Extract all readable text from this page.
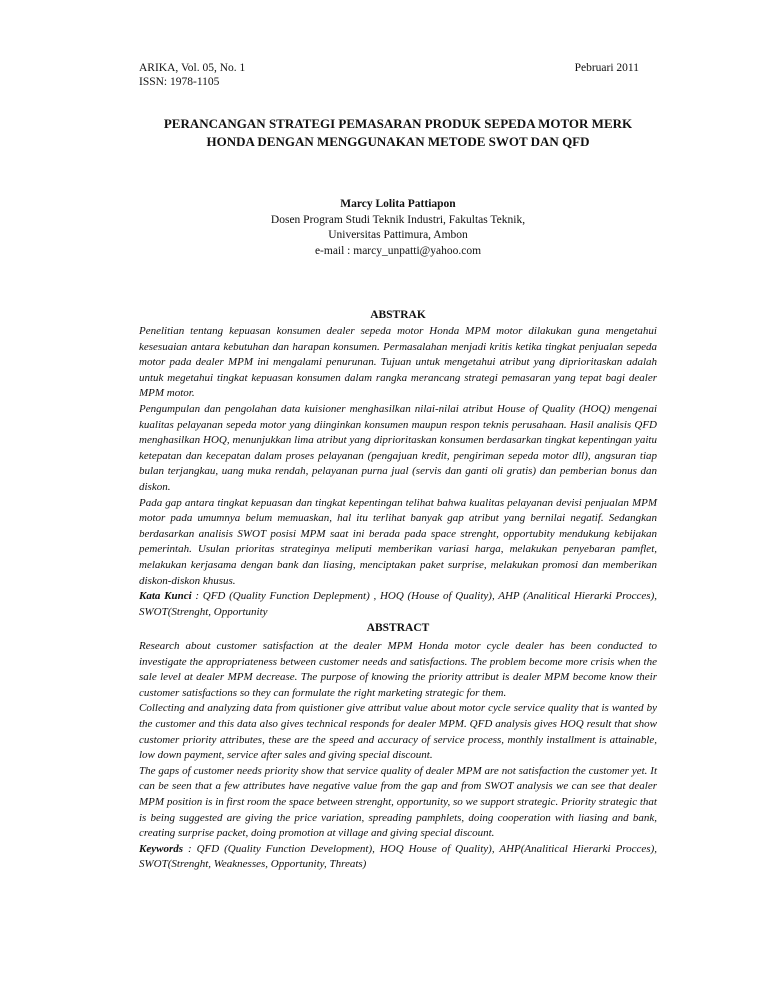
ARIKA, Vol. 05, No. 1
ISSN: 1978-1105
Pebruari 2011
PERANCANGAN STRATEGI PEMASARAN PRODUK SEPEDA MOTOR MERK
HONDA DENGAN MENGGUNAKAN METODE SWOT DAN QFD
Marcy Lolita Pattiapon
Dosen Program Studi Teknik Industri, Fakultas Teknik,
Universitas Pattimura, Ambon
e-mail : marcy_unpatti@yahoo.com
ABSTRAK

Penelitian tentang kepuasan konsumen dealer sepeda motor Honda MPM motor dilakukan guna mengetahui kesesuaian antara kebutuhan dan harapan konsumen. Permasalahan menjadi kritis ketika tingkat penjualan sepeda motor pada dealer MPM ini mengalami penurunan. Tujuan untuk mengetahui atribut yang diprioritaskan adalah untuk megetahui tingkat kepuasan konsumen dalam rangka merancang strategi pemasaran yang tepat bagi dealer MPM motor.

Pengumpulan dan pengolahan data kuisioner menghasilkan nilai-nilai atribut House of Quality (HOQ) mengenai kualitas pelayanan sepeda motor yang diinginkan konsumen maupun respon teknis perusahaan. Hasil analisis QFD menghasilkan HOQ, menunjukkan lima atribut yang diprioritaskan konsumen berdasarkan tingkat kepentingan yaitu ketepatan dan kecepatan dalam proses pelayanan (pengajuan kredit, pengiriman sepeda motor dll), angsuran tiap bulan terjangkau, uang muka rendah, pelayanan purna jual (servis dan ganti oli gratis) dan pemberian bonus dan diskon.

Pada gap antara tingkat kepuasan dan tingkat kepentingan telihat bahwa kualitas pelayanan devisi penjualan MPM motor pada umumnya belum memuaskan, hal itu terlihat banyak gap atribut yang bernilai negatif. Sedangkan berdasarkan analisis SWOT posisi MPM saat ini berada pada space strenght, opportubity mendukung kebijakan pemerintah. Usulan prioritas strateginya meliputi memberikan variasi harga, melakukan penyebaran pamflet, melakukan kerjasama dengan bank dan liasing, menciptakan paket surprise, melakukan promosi dan memberikan diskon-diskon khusus.

Kata Kunci : QFD (Quality Function Deplepment) , HOQ (House of Quality), AHP (Analitical Hierarki Procces), SWOT(Strenght, Opportunity

ABSTRACT

Research about customer satisfaction at the dealer MPM Honda motor cycle dealer has been conducted to investigate the appropriateness between customer needs and satisfactions. The problem become more crisis when the sale level at dealer MPM decrease. The purpose of knowing the priority attribut is dealer MPM become know their customer satisfactions so they can formulate the right marketing strategic for them.

Collecting and analyzing data from quistioner give attribut value about motor cycle service quality that is wanted by the customer and this data also gives technical responds for dealer MPM. QFD analysis gives HOQ result that show customer priority attributes, these are the speed and accuracy of service process, monthly installment is attainable, low down payment, service after sales and giving special discount.

The gaps of customer needs priority show that service quality of dealer MPM are not satisfaction the customer yet. It can be seen that a few attributes have negative value from the gap and from SWOT analysis we can see that dealer MPM position is in first room the space between strenght, opportunity, so we support strategic. Priority strategic that is being suggested are giving the price variation, spreading pamphlets, doing cooperation with liasing and bank, creating surprise packet, doing promotion at village and giving special discount.

Keywords : QFD (Quality Function Development), HOQ House of Quality), AHP(Analitical Hierarki Procces), SWOT(Strenght, Weaknesses, Opportunity, Threats)
